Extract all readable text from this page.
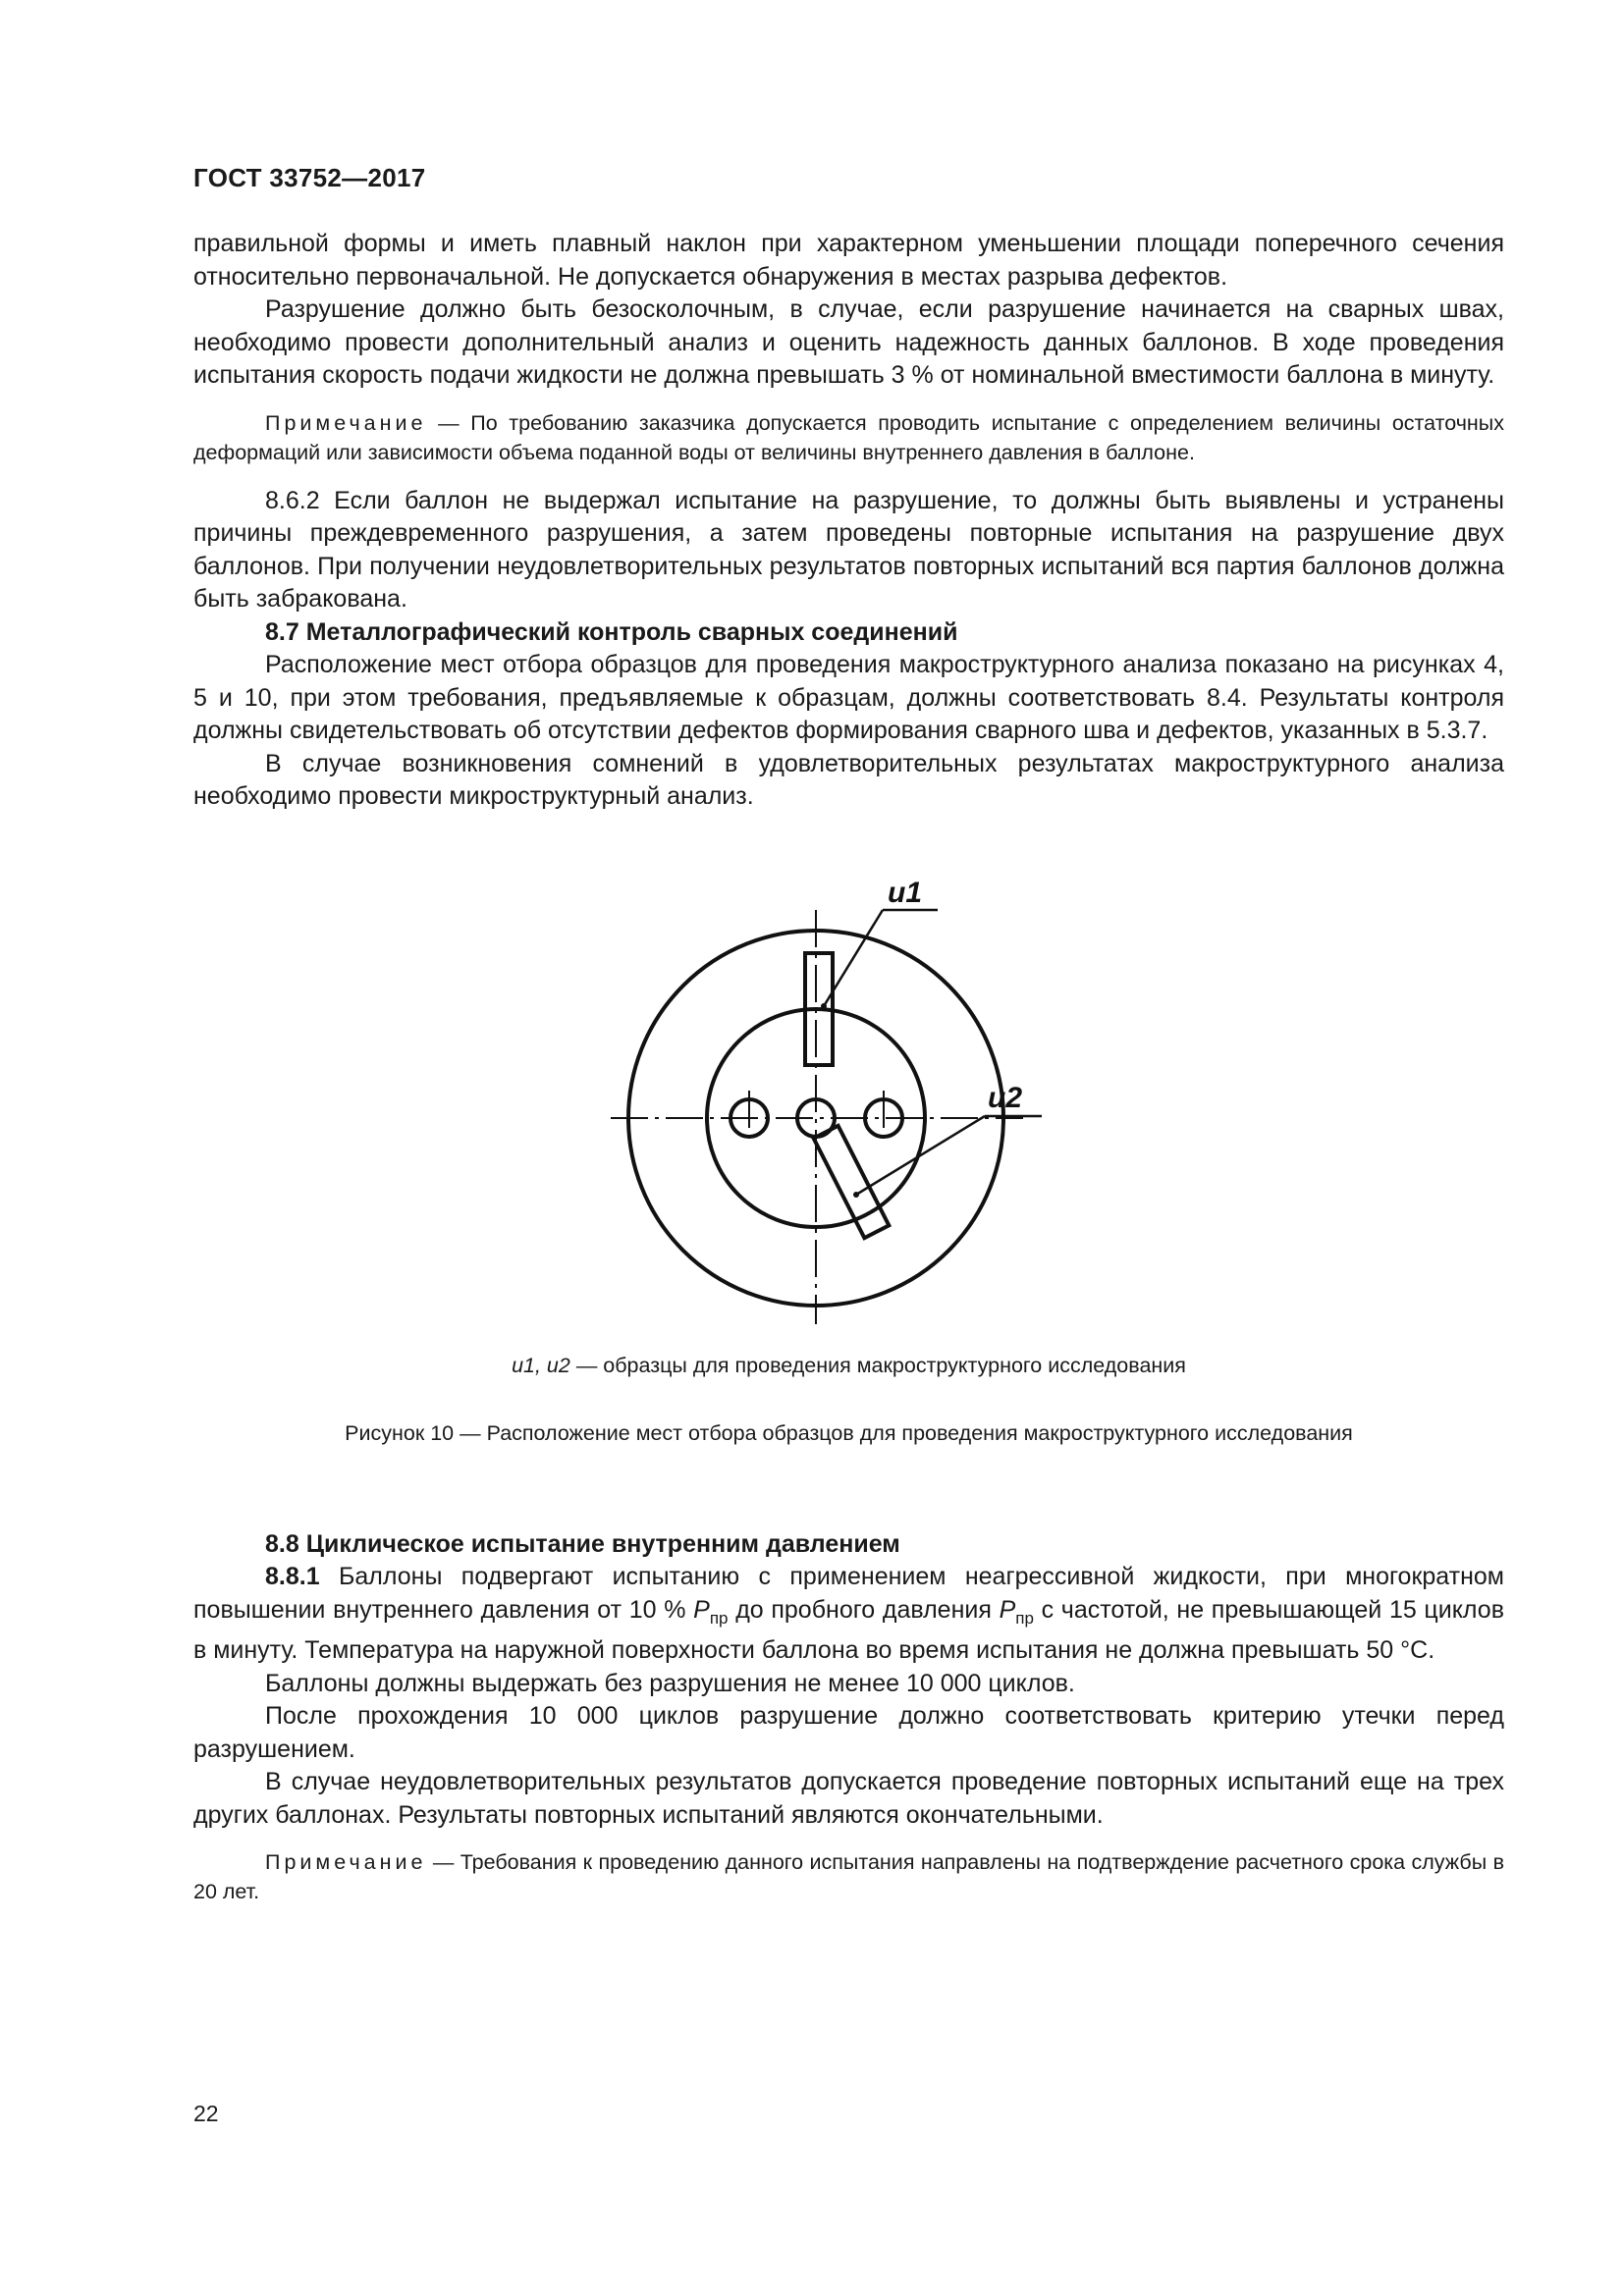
ГОСТ 33752—2017

правильной формы и иметь плавный наклон при характерном уменьшении площади поперечного сечения относительно первоначальной. Не допускается обнаружения в местах разрыва дефектов.

Разрушение должно быть безосколочным, в случае, если разрушение начинается на сварных швах, необходимо провести дополнительный анализ и оценить надежность данных баллонов. В ходе проведения испытания скорость подачи жидкости не должна превышать 3 % от номинальной вместимости баллона в минуту.

Примечание — По требованию заказчика допускается проводить испытание с определением величины остаточных деформаций или зависимости объема поданной воды от величины внутреннего давления в баллоне.

8.6.2 Если баллон не выдержал испытание на разрушение, то должны быть выявлены и устранены причины преждевременного разрушения, а затем проведены повторные испытания на разрушение двух баллонов. При получении неудовлетворительных результатов повторных испытаний вся партия баллонов должна быть забракована.

8.7 Металлографический контроль сварных соединений

Расположение мест отбора образцов для проведения макроструктурного анализа показано на рисунках 4, 5 и 10, при этом требования, предъявляемые к образцам, должны соответствовать 8.4. Результаты контроля должны свидетельствовать об отсутствии дефектов формирования сварного шва и дефектов, указанных в 5.3.7.

В случае возникновения сомнений в удовлетворительных результатах макроструктурного анализа необходимо провести микроструктурный анализ.

u1
u2
u1, u2 — образцы для проведения макроструктурного исследования
Рисунок 10 — Расположение мест отбора образцов для проведения макроструктурного исследования
8.8 Циклическое испытание внутренним давлением

8.8.1 Баллоны подвергают испытанию с применением неагрессивной жидкости, при многократном повышении внутреннего давления от 10 % $P_{пр}$ до пробного давления $P_{пр}$ с частотой, не превышающей 15 циклов в минуту. Температура на наружной поверхности баллона во время испытания не должна превышать 50 °C.

Баллоны должны выдержать без разрушения не менее 10 000 циклов.

После прохождения 10 000 циклов разрушение должно соответствовать критерию утечки перед разрушением.

В случае неудовлетворительных результатов допускается проведение повторных испытаний еще на трех других баллонах. Результаты повторных испытаний являются окончательными.

Примечание — Требования к проведению данного испытания направлены на подтверждение расчетного срока службы в 20 лет.
22
